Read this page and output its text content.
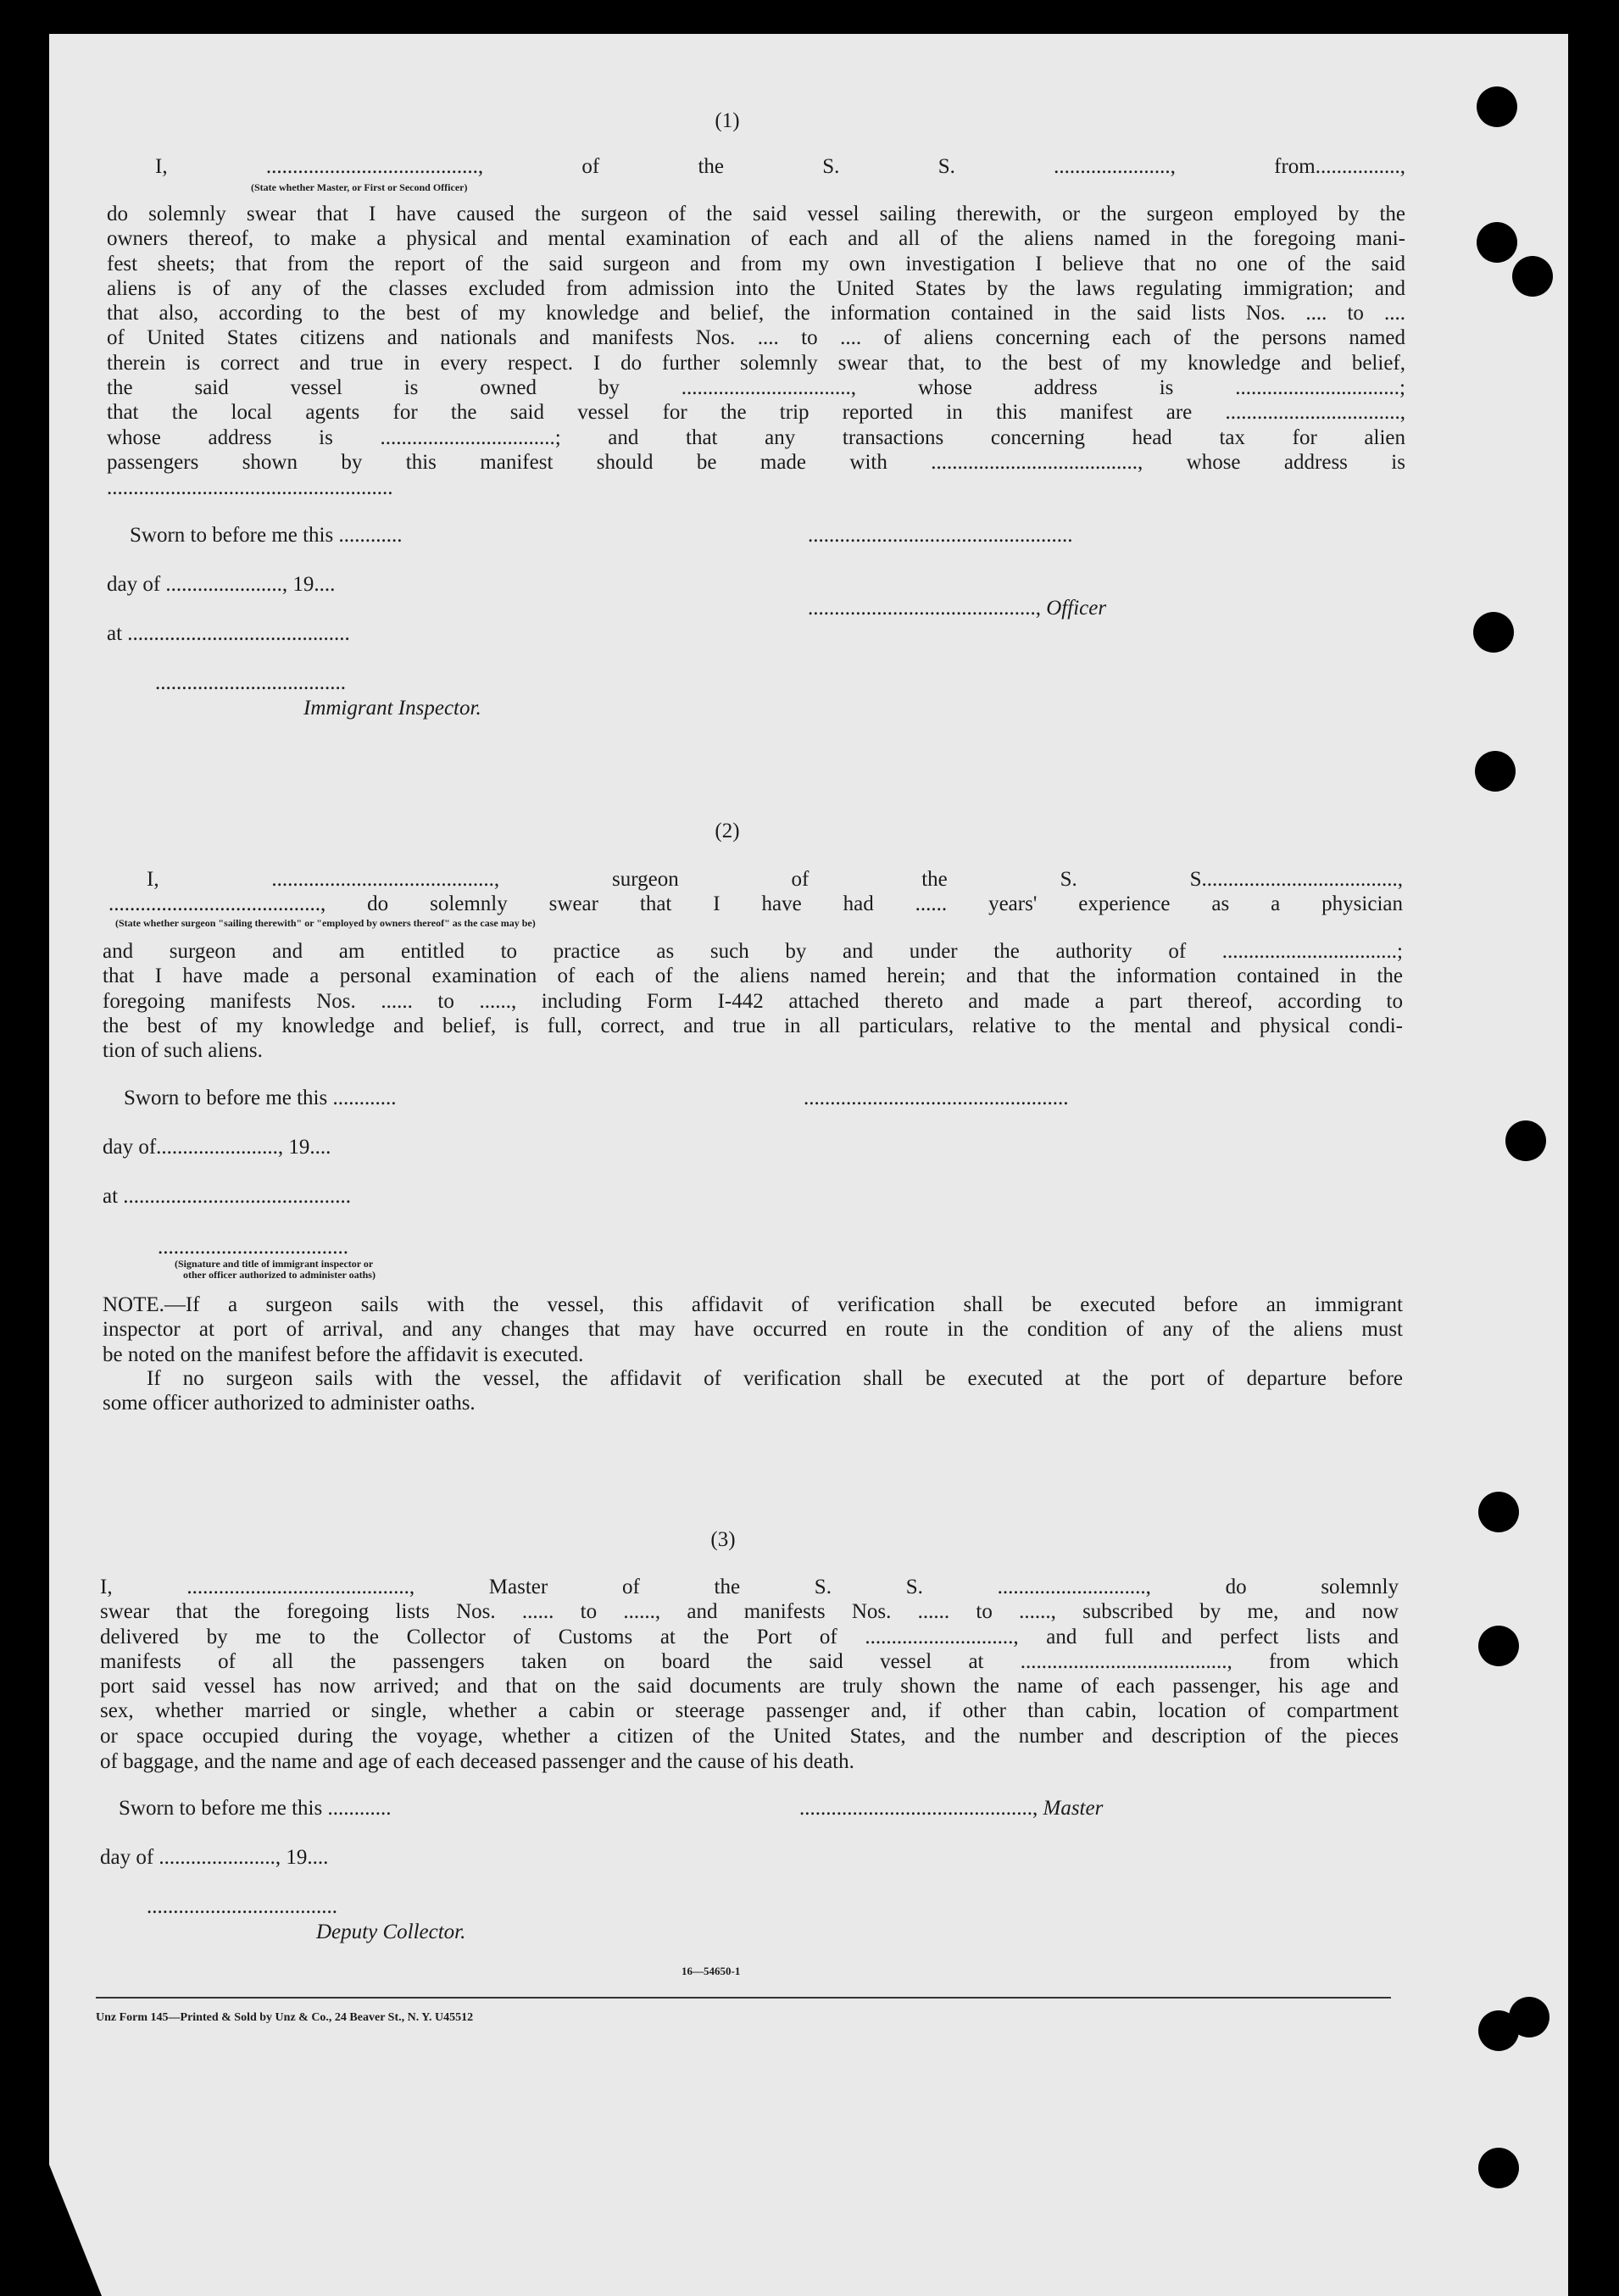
(1)
I, ........................................, of the S. S. ......................, from................,
(State whether Master, or First or Second Officer)
do solemnly swear that I have caused the surgeon of the said vessel sailing therewith, or the surgeon employed by the
owners thereof, to make a physical and mental examination of each and all of the aliens named in the foregoing mani-
fest sheets; that from the report of the said surgeon and from my own investigation I believe that no one of the said
aliens is of any of the classes excluded from admission into the United States by the laws regulating immigration; and
that also, according to the best of my knowledge and belief, the information contained in the said lists Nos. .... to ....
of United States citizens and nationals and manifests Nos. .... to .... of aliens concerning each of the persons named
therein is correct and true in every respect. I do further solemnly swear that, to the best of my knowledge and belief,
the said vessel is owned by ................................, whose address is ...............................;
that the local agents for the said vessel for the trip reported in this manifest are .................................,
whose address is .................................; and that any transactions concerning head tax for alien
passengers shown by this manifest should be made with ......................................., whose address is
......................................................
Sworn to before me this ............	..................................................
day of ......................, 19....
..........................................., Officer
at ..........................................
....................................
Immigrant Inspector.
(2)
I, .........................................., surgeon of the S. S.....................................,
........................................, do solemnly swear that I have had ...... years' experience as a physician
(State whether surgeon "sailing therewith" or "employed by owners thereof" as the case may be)
and surgeon and am entitled to practice as such by and under the authority of .................................;
that I have made a personal examination of each of the aliens named herein; and that the information contained in the
foregoing manifests Nos. ...... to ......, including Form I-442 attached thereto and made a part thereof, according to
the best of my knowledge and belief, is full, correct, and true in all particulars, relative to the mental and physical condi-
tion of such aliens.
Sworn to before me this ............	..................................................
day of......................., 19....
at ...........................................
....................................
(Signature and title of immigrant inspector or
other officer authorized to administer oaths)
NOTE.—If a surgeon sails with the vessel, this affidavit of verification shall be executed before an immigrant
inspector at port of arrival, and any changes that may have occurred en route in the condition of any of the aliens must
be noted on the manifest before the affidavit is executed.
If no surgeon sails with the vessel, the affidavit of verification shall be executed at the port of departure before
some officer authorized to administer oaths.
(3)
I, .........................................., Master of the S. S. ............................, do solemnly
swear that the foregoing lists Nos. ...... to ......, and manifests Nos. ...... to ......, subscribed by me, and now
delivered by me to the Collector of Customs at the Port of ............................, and full and perfect lists and
manifests of all the passengers taken on board the said vessel at ......................................., from which
port said vessel has now arrived; and that on the said documents are truly shown the name of each passenger, his age and
sex, whether married or single, whether a cabin or steerage passenger and, if other than cabin, location of compartment
or space occupied during the voyage, whether a citizen of the United States, and the number and description of the pieces
of baggage, and the name and age of each deceased passenger and the cause of his death.
Sworn to before me this ............	............................................, Master
day of ......................, 19....
....................................
Deputy Collector.
16—54650-1
Unz Form 145—Printed & Sold by Unz & Co., 24 Beaver St., N. Y. U45512
